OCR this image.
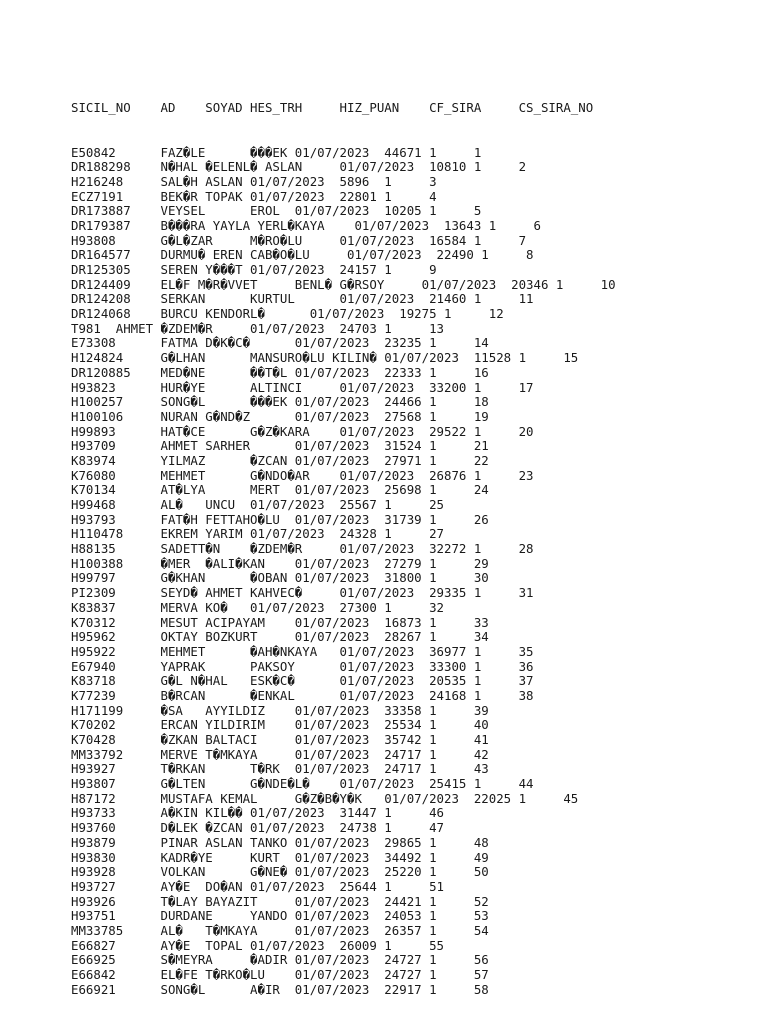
SICIL_NO    AD    SOYAD HES_TRH     HIZ_PUAN    CF_SIRA     CS_SIRA_NO

E50842      FAZ�LE      ���EK 01/07/2023  44671 1     1
DR188298    N�HAL �ELENL� ASLAN     01/07/2023  10810 1     2
H216248     SAL�H ASLAN 01/07/2023  5896  1     3
ECZ7191     BEK�R TOPAK 01/07/2023  22801 1     4
DR173887    VEYSEL      EROL  01/07/2023  10205 1     5
DR179387    B���RA YAYLA YERL�KAYA    01/07/2023  13643 1     6
H93808      G�L�ZAR     M�RO�LU     01/07/2023  16584 1     7
DR164577    DURMU� EREN CAB�O�LU     01/07/2023  22490 1     8
DR125305    SEREN Y���T 01/07/2023  24157 1     9
DR124409    EL�F M�R�VVET     BENL� G�RSOY     01/07/2023  20346 1     10
DR124208    SERKAN      KURTUL      01/07/2023  21460 1     11
DR124068    BURCU KENDORL�      01/07/2023  19275 1     12
T981  AHMET �ZDEM�R     01/07/2023  24703 1     13
E73308      FATMA D�K�C�      01/07/2023  23235 1     14
H124824     G�LHAN      MANSURO�LU KILIN� 01/07/2023  11528 1     15
DR120885    MED�NE      ��T�L 01/07/2023  22333 1     16
H93823      HUR�YE      ALTINCI     01/07/2023  33200 1     17
H100257     SONG�L      ���EK 01/07/2023  24466 1     18
H100106     NURAN G�ND�Z      01/07/2023  27568 1     19
H99893      HAT�CE      G�Z�KARA    01/07/2023  29522 1     20
H93709      AHMET SARHER      01/07/2023  31524 1     21
K83974      YILMAZ      �ZCAN 01/07/2023  27971 1     22
K76080      MEHMET      G�NDO�AR    01/07/2023  26876 1     23
K70134      AT�LYA      MERT  01/07/2023  25698 1     24
H99468      AL�   UNCU  01/07/2023  25567 1     25
H93793      FAT�H FETTAHO�LU  01/07/2023  31739 1     26
H110478     EKREM YARIM 01/07/2023  24328 1     27
H88135      SADETT�N    �ZDEM�R     01/07/2023  32272 1     28
H100388     �MER  �ALI�KAN    01/07/2023  27279 1     29
H99797      G�KHAN      �OBAN 01/07/2023  31800 1     30
PI2309      SEYD� AHMET KAHVEC�     01/07/2023  29335 1     31
K83837      MERVA KO�   01/07/2023  27300 1     32
K70312      MESUT ACIPAYAM    01/07/2023  16873 1     33
H95962      OKTAY BOZKURT     01/07/2023  28267 1     34
H95922      MEHMET      �AH�NKAYA   01/07/2023  36977 1     35
E67940      YAPRAK      PAKSOY      01/07/2023  33300 1     36
K83718      G�L N�HAL   ESK�C�      01/07/2023  20535 1     37
K77239      B�RCAN      �ENKAL      01/07/2023  24168 1     38
H171199     �SA   AYYILDIZ    01/07/2023  33358 1     39
K70202      ERCAN YILDIRIM    01/07/2023  25534 1     40
K70428      �ZKAN BALTACI     01/07/2023  35742 1     41
MM33792     MERVE T�MKAYA     01/07/2023  24717 1     42
H93927      T�RKAN      T�RK  01/07/2023  24717 1     43
H93807      G�LTEN      G�NDE�L�    01/07/2023  25415 1     44
H87172      MUSTAFA KEMAL     G�Z�B�Y�K   01/07/2023  22025 1     45
H93733      A�KIN KIL�� 01/07/2023  31447 1     46
H93760      D�LEK �ZCAN 01/07/2023  24738 1     47
H93879      PINAR ASLAN TANKO 01/07/2023  29865 1     48
H93830      KADR�YE     KURT  01/07/2023  34492 1     49
H93928      VOLKAN      G�NE� 01/07/2023  25220 1     50
H93727      AY�E  DO�AN 01/07/2023  25644 1     51
H93926      T�LAY BAYAZIT     01/07/2023  24421 1     52
H93751      DURDANE     YANDO 01/07/2023  24053 1     53
MM33785     AL�   T�MKAYA     01/07/2023  26357 1     54
E66827      AY�E  TOPAL 01/07/2023  26009 1     55
E66925      S�MEYRA     �ADIR 01/07/2023  24727 1     56
E66842      EL�FE T�RKO�LU    01/07/2023  24727 1     57
E66921      SONG�L      A�IR  01/07/2023  22917 1     58
